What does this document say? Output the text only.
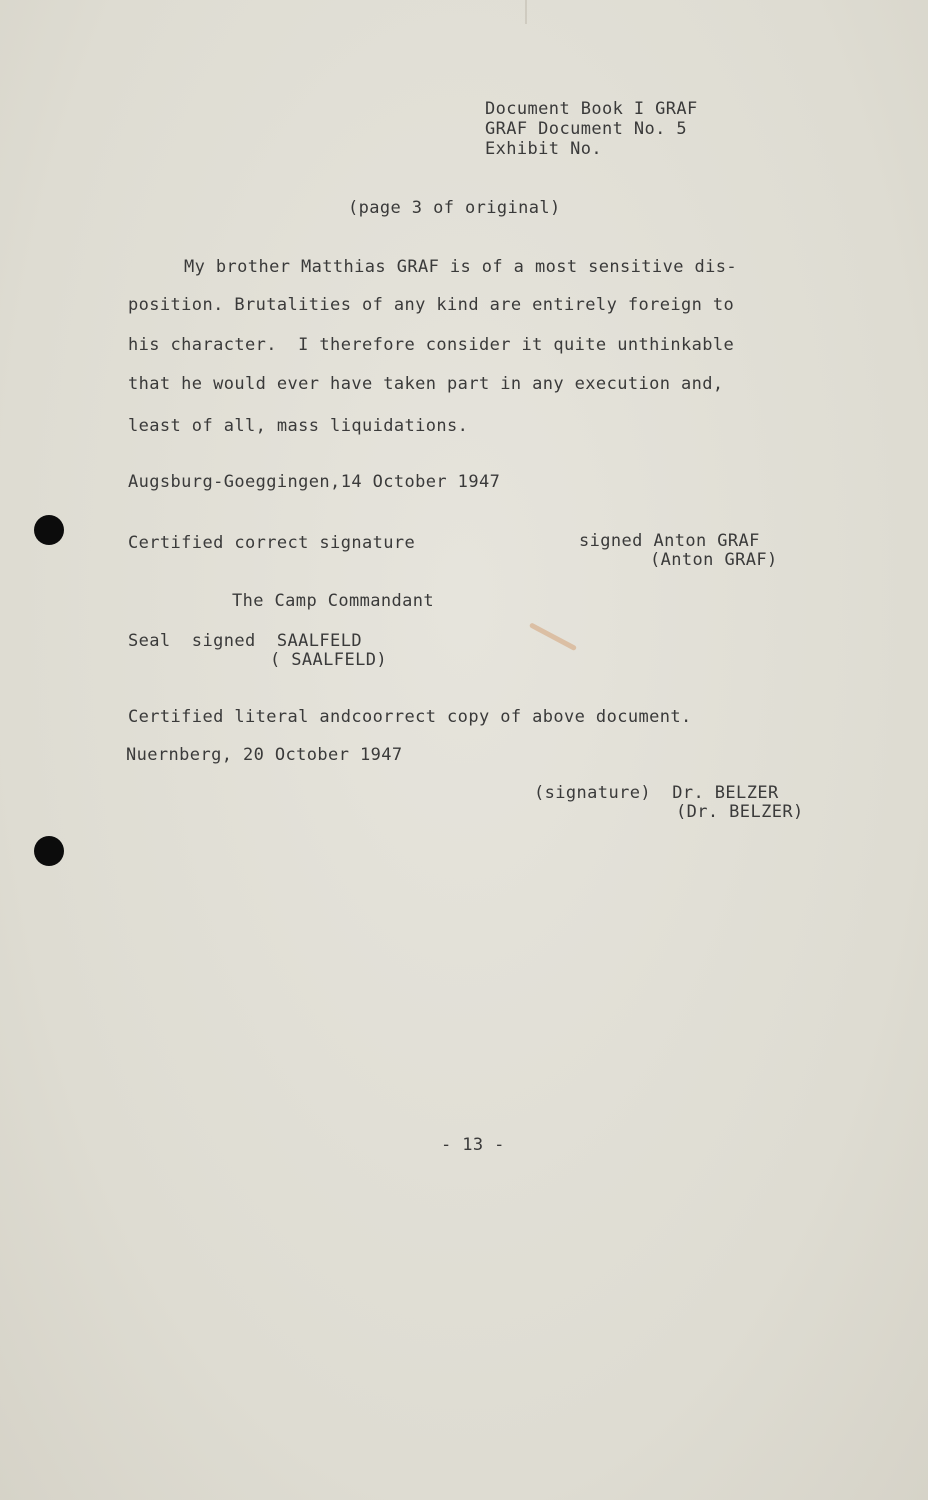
Document Book I GRAF
GRAF Document No. 5
Exhibit No.
(page 3 of original)
My brother Matthias GRAF is of a most sensitive dis-
position. Brutalities of any kind are entirely foreign to
his character.  I therefore consider it quite unthinkable
that he would ever have taken part in any execution and,
least of all, mass liquidations.
Augsburg-Goeggingen,14 October 1947
Certified correct signature	signed Anton GRAF
(Anton GRAF)
The Camp Commandant
Seal  signed  SAALFELD
( SAALFELD)
Certified literal andcoorrect copy of above document.
Nuernberg, 20 October 1947
(signature)  Dr. BELZER
(Dr. BELZER)
- 13 -
